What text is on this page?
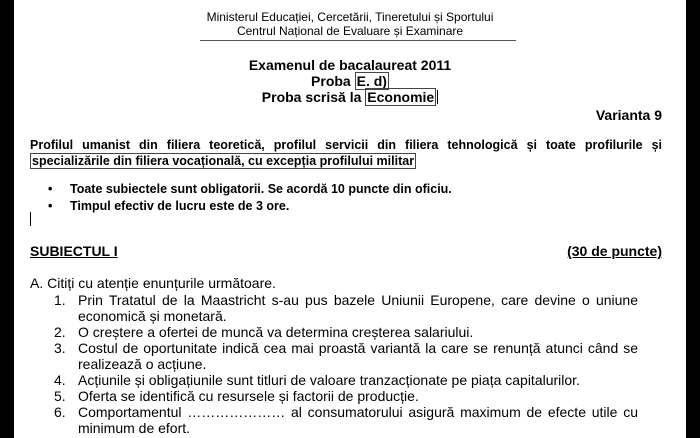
Ministerul Educației, Cercetării, Tineretului și Sportului
Centrul Național de Evaluare și Examinare
Examenul de bacalaureat 2011
Proba E. d)
Proba scrisă la Economie
Varianta 9
Profilul umanist din filiera teoretică, profilul servicii din filiera tehnologică și toate profilurile și
specializările din filiera vocațională, cu excepția profilului militar
• Toate subiectele sunt obligatorii. Se acordă 10 puncte din oficiu.
• Timpul efectiv de lucru este de 3 ore.
SUBIECTUL I	(30 de puncte)
A. Citiți cu atenție enunțurile următoare.
1. Prin Tratatul de la Maastricht s-au pus bazele Uniunii Europene, care devine o uniune
economică și monetară.
2. O creștere a ofertei de muncă va determina creșterea salariului.
3. Costul de oportunitate indică cea mai proastă variantă la care se renunță atunci când se
realizează o acțiune.
4. Acțiunile și obligațiunile sunt titluri de valoare tranzacționate pe piața capitalurilor.
5. Oferta se identifică cu resursele și factorii de producție.
6. Comportamentul ………………… al consumatorului asigură maximum de efecte utile cu
minimum de efort.
